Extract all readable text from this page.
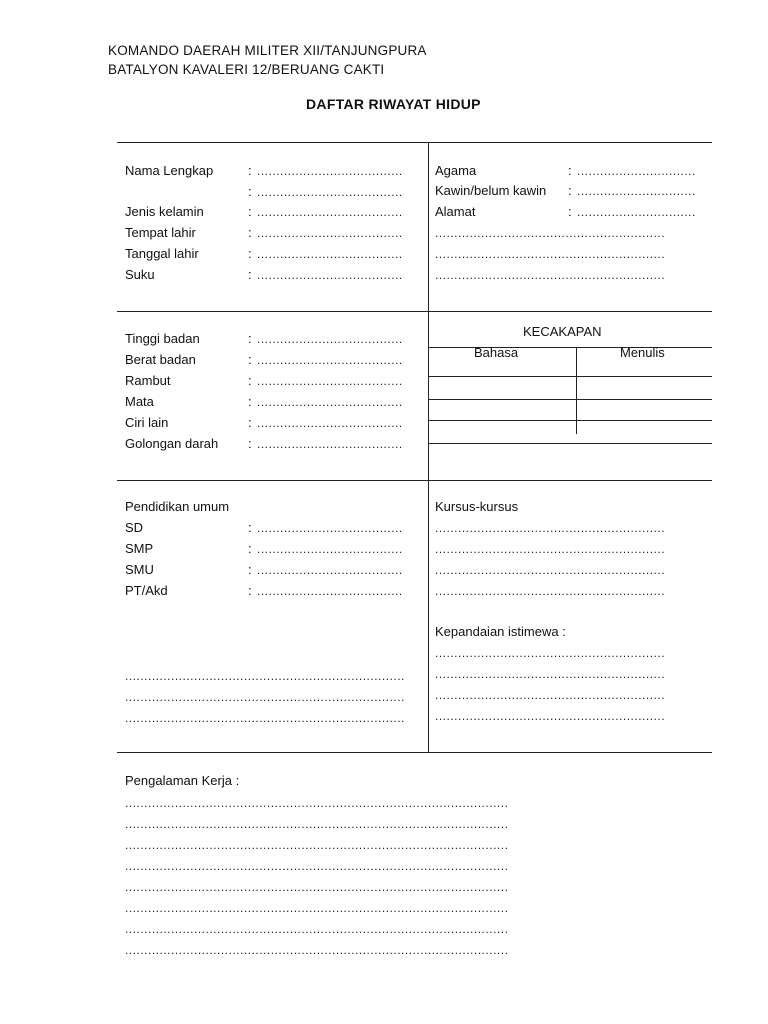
KOMANDO DAERAH MILITER XII/TANJUNGPURA
BATALYON KAVALERI 12/BERUANG CAKTI
DAFTAR RIWAYAT HIDUP
Nama Lengkap	: ......................................
: ......................................
Jenis kelamin	: ......................................
Tempat lahir	: ......................................
Tanggal lahir	: ......................................
Suku	: ......................................
Agama	: ...............................
Kawin/belum kawin : ...............................
Alamat	: ...............................
............................................................
............................................................
............................................................
Tinggi badan	: ......................................
Berat badan	: ......................................
Rambut	: ......................................
Mata	: ......................................
Ciri lain	: ......................................
Golongan darah : ......................................
KECAKAPAN
Bahasa	Menulis
Pendidikan umum
SD	: ......................................
SMP	: ......................................
SMU	: ......................................
PT/Akd	: ......................................
.........................................................................
.........................................................................
.........................................................................
Kursus-kursus
............................................................
............................................................
............................................................
............................................................
Kepandaian istimewa :
............................................................
............................................................
............................................................
............................................................
Pengalaman Kerja :
....................................................................................................
....................................................................................................
....................................................................................................
....................................................................................................
....................................................................................................
....................................................................................................
....................................................................................................
....................................................................................................
